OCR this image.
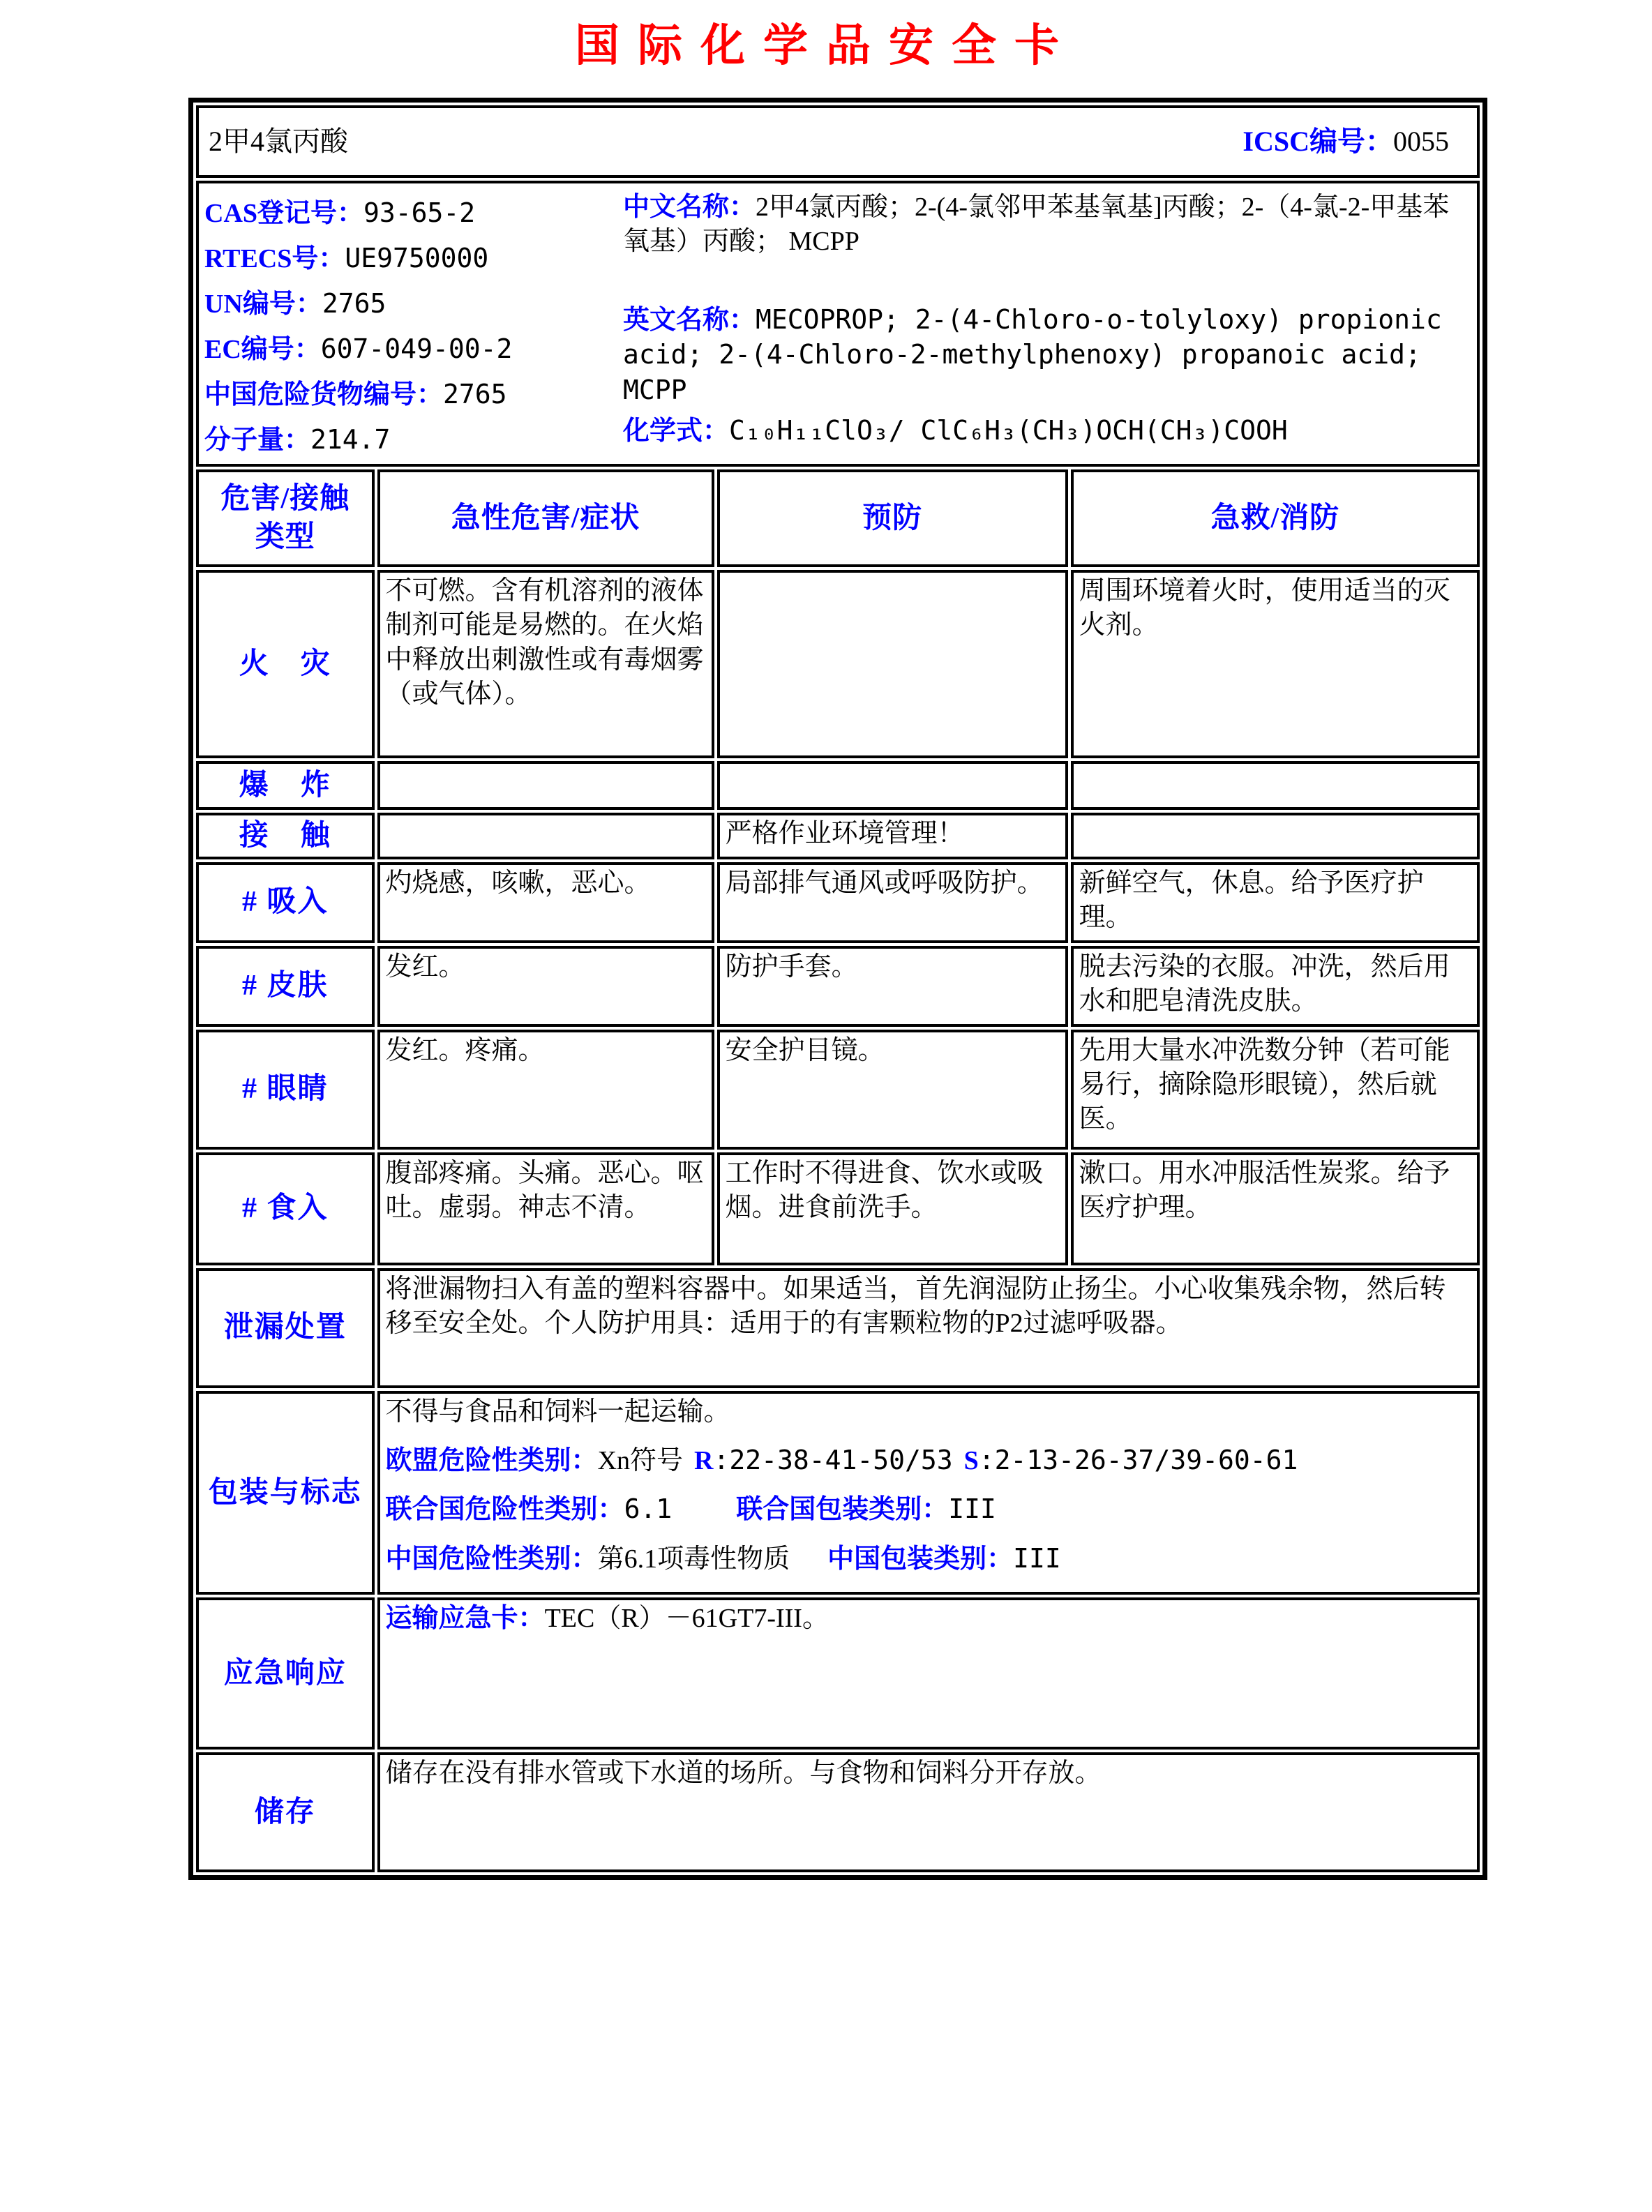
国际化学品安全卡
2甲4氯丙酸 ICSC编号：0055			

CAS登记号：93-65-2
RTECS号：UE9750000
UN编号：2765
EC编号：607-049-00-2
中国危险货物编号：2765
分子量：214.7

中文名称：2甲4氯丙酸；2-(4-氯邻甲苯基氧基]丙酸；2-（4-氯-2-甲基苯氧基）丙酸； MCPP

英文名称：MECOPROP; 2-(4-Chloro-o-tolyloxy) propionic acid; 2-(4-Chloro-2-methylphenoxy) propanoic acid; MCPP

化学式：C₁₀H₁₁ClO₃/ ClC₆H₃(CH₃)OCH(CH₃)COOH

危害/接触
类型	急性危害/症状	预防	急救/消防
火　灾	不可燃。含有机溶剂的液体制剂可能是易燃的。在火焰中释放出刺激性或有毒烟雾（或气体）。		周围环境着火时，使用适当的灭火剂。
爆　炸			
接　触		严格作业环境管理！	
# 吸入	灼烧感，咳嗽，恶心。	局部排气通风或呼吸防护。	新鲜空气，休息。给予医疗护理。
# 皮肤	发红。	防护手套。	脱去污染的衣服。冲洗，然后用水和肥皂清洗皮肤。
# 眼睛	发红。疼痛。	安全护目镜。	先用大量水冲洗数分钟（若可能易行，摘除隐形眼镜），然后就医。
# 食入	腹部疼痛。头痛。恶心。呕吐。虚弱。神志不清。	工作时不得进食、饮水或吸烟。进食前洗手。	漱口。用水冲服活性炭浆。给予医疗护理。
泄漏处置	将泄漏物扫入有盖的塑料容器中。如果适当，首先润湿防止扬尘。小心收集残余物，然后转移至安全处。个人防护用具：适用于的有害颗粒物的P2过滤呼吸器。		

包装与标志	不得与食品和饲料一起运输。

欧盟危险性类别：Xn符号 R:22-38-41-50/53 S:2-13-26-37/39-60-61

联合国危险性类别：6.1 联合国包装类别：III

中国危险性类别：第6.1项毒性物质 中国包装类别：III		

应急响应	运输应急卡：TEC（R）－61GT7-III。		

储存	储存在没有排水管或下水道的场所。与食物和饲料分开存放。		
